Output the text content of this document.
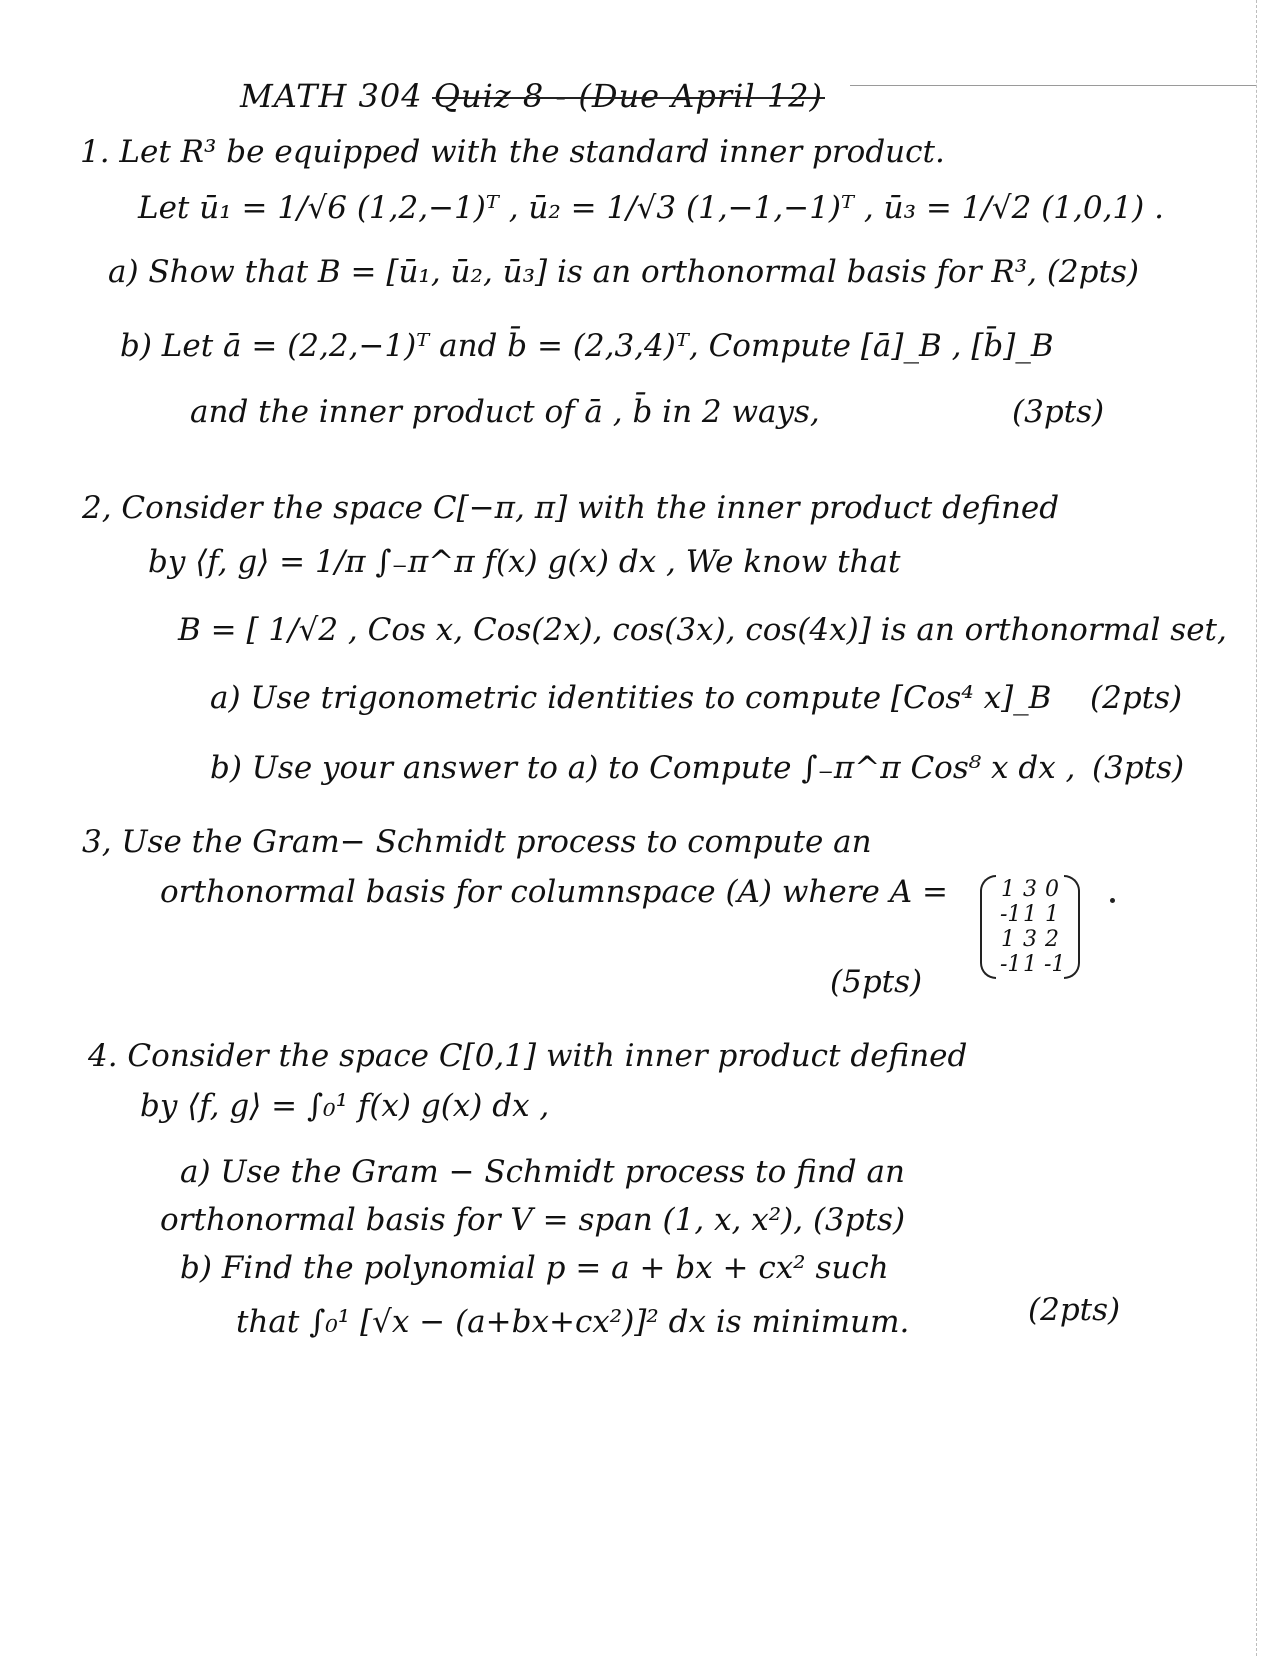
MATH 304 Quiz 8 - (Due April 12)
1. Let R³ be equipped with the standard inner product.
Let ū₁ = 1/√6 (1,2,−1)ᵀ , ū₂ = 1/√3 (1,−1,−1)ᵀ , ū₃ = 1/√2 (1,0,1) .
a) Show that B = [ū₁, ū₂, ū₃] is an orthonormal basis for R³, (2pts)
b) Let ā = (2,2,−1)ᵀ and b̄ = (2,3,4)ᵀ, Compute [ā]_B , [b̄]_B
and the inner product of ā , b̄ in 2 ways,	(3pts)
2, Consider the space C[−π, π] with the inner product defined
by ⟨f, g⟩ = 1/π ∫₋π^π f(x) g(x) dx , We know that
B = [ 1/√2 , Cos x, Cos(2x), cos(3x), cos(4x)] is an orthonormal set,
a) Use trigonometric identities to compute [Cos⁴ x]_B (2pts)
b) Use your answer to a) to Compute ∫₋π^π Cos⁸ x dx , (3pts)
3, Use the Gram− Schmidt process to compute an
orthonormal basis for columnspace (A) where A = 1 3 0
-1 1 1
1 3 2
-1 1 -1
(5pts)
4. Consider the space C[0,1] with inner product defined
by ⟨f, g⟩ = ∫₀¹ f(x) g(x) dx ,
a) Use the Gram − Schmidt process to find an
orthonormal basis for V = span (1, x, x²), (3pts)
b) Find the polynomial p = a + bx + cx² such
that ∫₀¹ [√x − (a+bx+cx²)]² dx is minimum.	(2pts)
